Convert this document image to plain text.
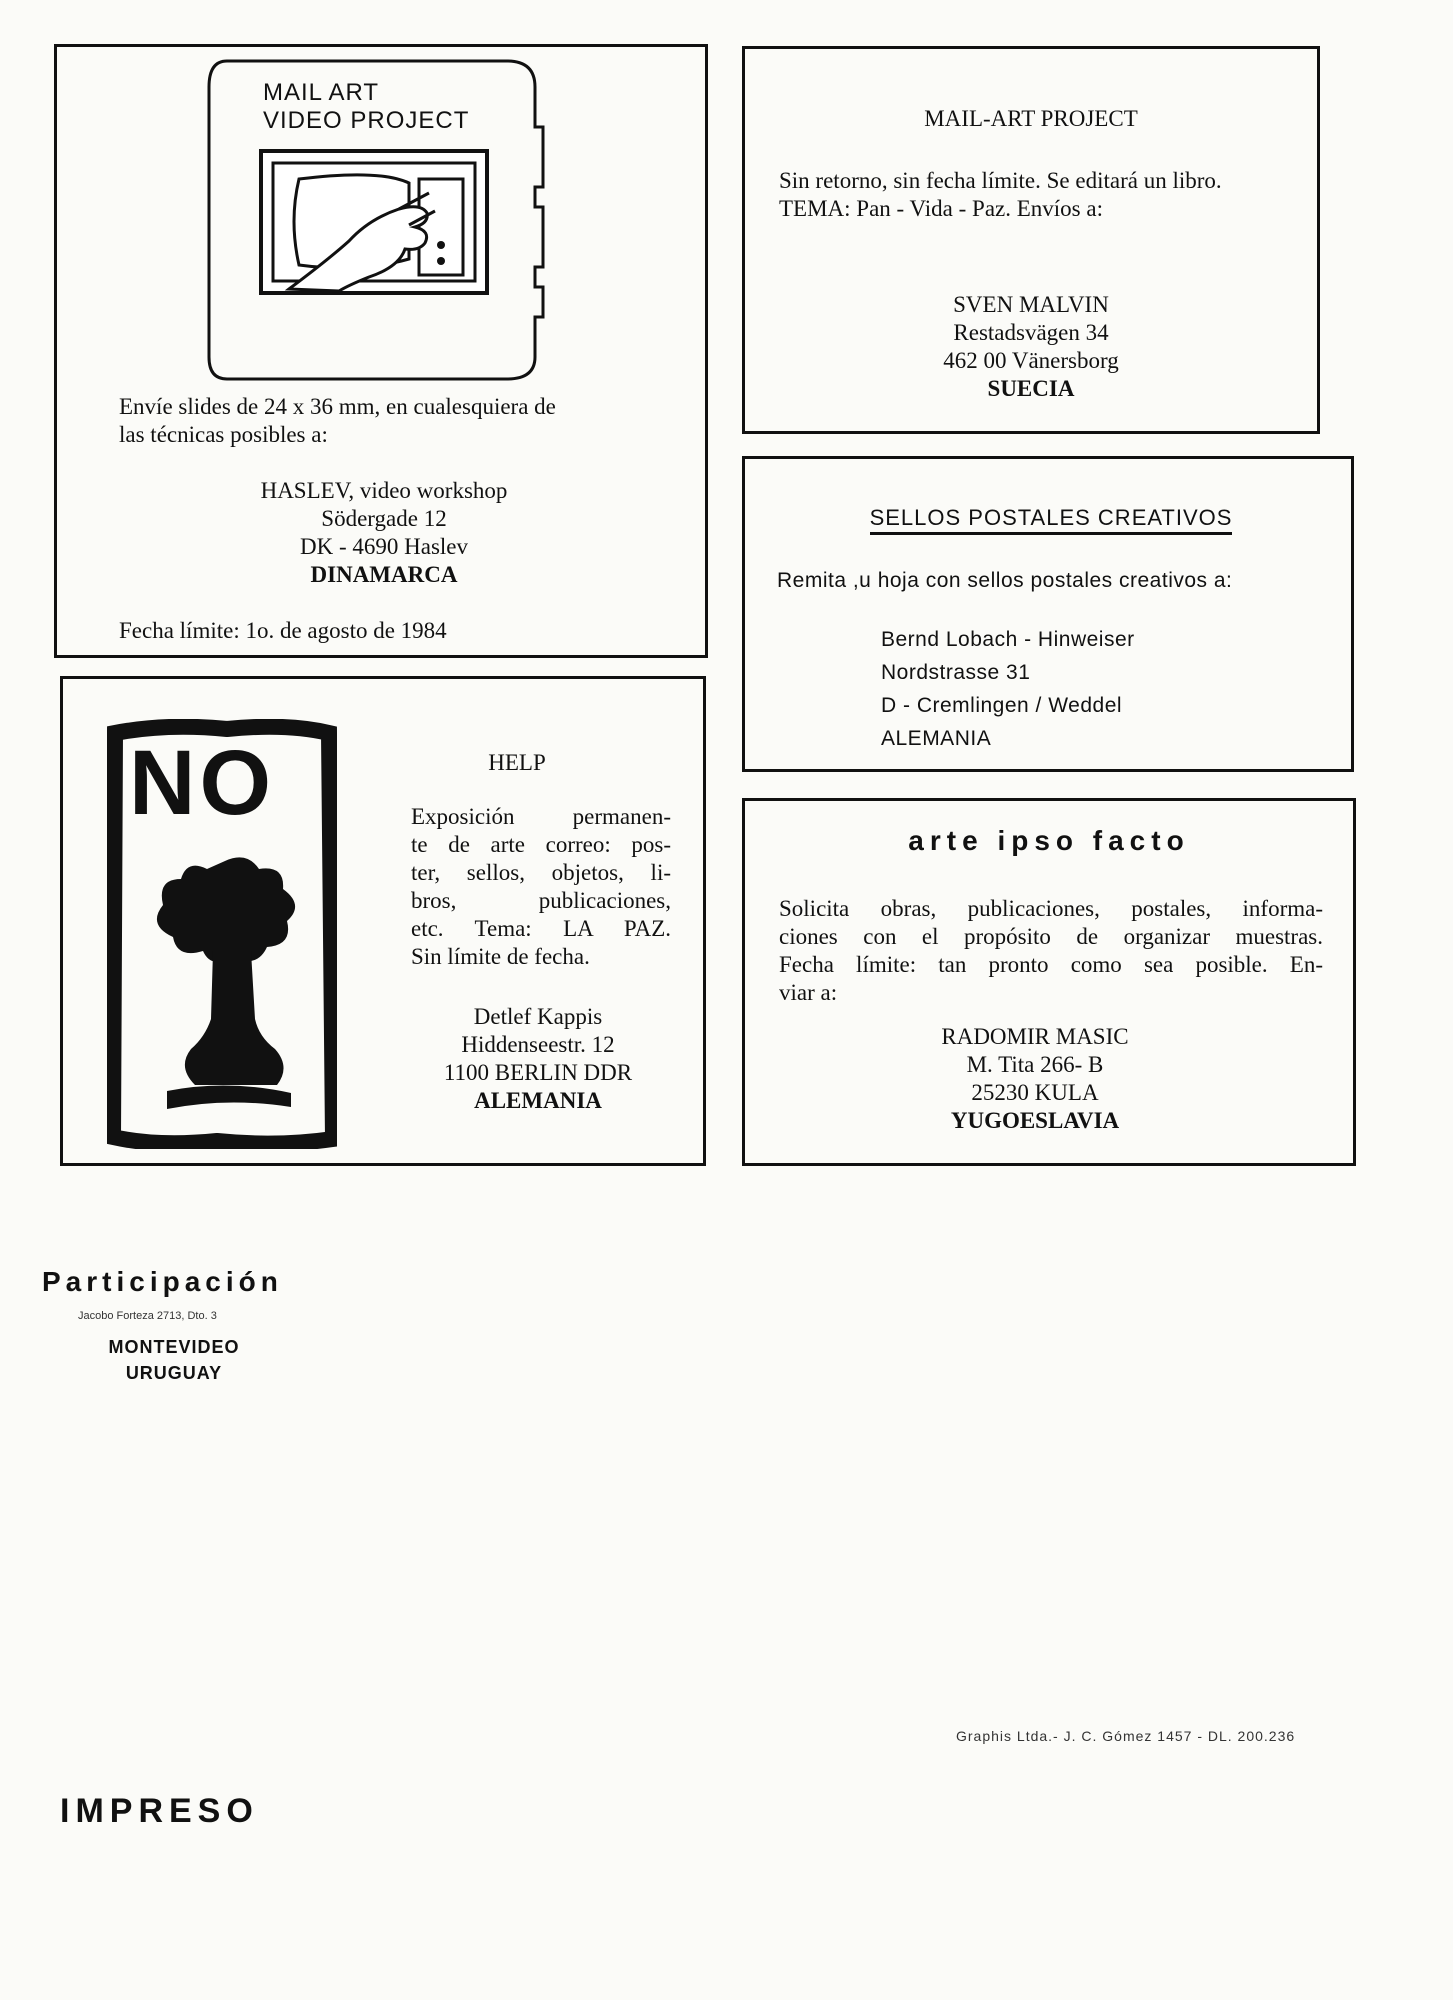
MAIL ART
VIDEO PROJECT
Envíe slides de 24 x 36 mm, en cualesquiera de
las técnicas posibles a:
HASLEV, video workshop
Södergade 12
DK - 4690 Haslev
DINAMARCA
Fecha límite: 1o. de agosto de 1984
MAIL-ART PROJECT
Sin retorno, sin fecha límite. Se editará un libro.
TEMA: Pan - Vida - Paz. Envíos a:
SVEN MALVIN
Restadsvägen 34
462 00 Vänersborg
SUECIA
SELLOS POSTALES CREATIVOS
Remita ,u hoja con sellos postales creativos a:
Bernd Lobach - Hinweiser
Nordstrasse 31
D - Cremlingen / Weddel
ALEMANIA
NO	HELP
Exposición permanen-
te de arte correo: pos-
ter, sellos, objetos, li-
bros, publicaciones,
etc. Tema: LA PAZ.
Sin límite de fecha.
Detlef Kappis
Hiddenseestr. 12
1100 BERLIN DDR
ALEMANIA
arte ipso facto
Solicita obras, publicaciones, postales, informa-
ciones con el propósito de organizar muestras.
Fecha límite: tan pronto como sea posible. En-
viar a:
RADOMIR MASIC
M. Tita 266- B
25230 KULA
YUGOESLAVIA
Participación
Jacobo Forteza 2713, Dto. 3
MONTEVIDEO
URUGUAY
Graphis Ltda.- J. C. Gómez 1457 - DL. 200.236
IMPRESO
